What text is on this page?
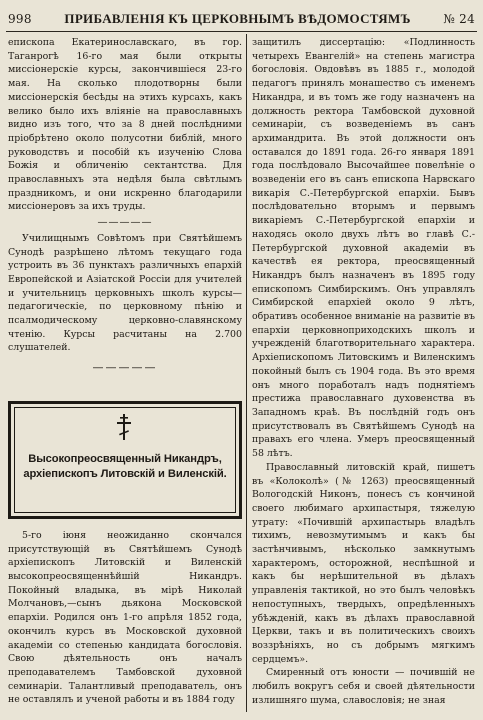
998	ПРИБАВЛЕНІЯ КЪ ЦЕРКОВНЫМЪ ВѢДОМОСТЯМЪ	№ 24

епископа Екатеринославскаго, въ гор. Таганрогѣ 16-го мая были открыты миссіонерскіе курсы, закончившіеся 23-го мая. На сколько плодотворны были миссіонерскія бесѣды на этихъ курсахъ, какъ велико было ихъ вліяніе на православныхъ видно изъ того, что за 8 дней послѣдними пріобрѣтено около полусотни библій, много руководствъ и пособій къ изученію Слова Божія и обличенію сектантства. Для православныхъ эта недѣля была свѣтлымъ праздникомъ, и они искренно благодарили миссіонеровъ за ихъ труды.

—————

Училищнымъ Совѣтомъ при Святѣйшемъ Сунодѣ разрѣшено лѣтомъ текущаго года устроить въ 36 пунктахъ различныхъ епархій Европейской и Азіатской Россіи для учителей и учительницъ церковныхъ школъ курсы—педагогическіе, по церковному пѣнію и псалмодическому церковно-славянскому чтенію. Курсы расчитаны на 2.700 слушателей.

—————
Высокопреосвященный Никандръ,
архіепископъ Литовскій и Виленскій.

5-го іюня неожиданно скончался присутствующій въ Святѣйшемъ Сунодѣ архіепископъ Литовскій и Виленскій высокопреосвященнѣйшій Никандръ. Покойный владыка, въ мірѣ Николай Молчановъ,—сынъ дьякона Московской епархіи. Родился онъ 1-го апрѣля 1852 года, окончилъ курсъ въ Московской духовной академіи со степенью кандидата богословія. Свою дѣятельность онъ началъ преподавателемъ Тамбовской духовной семинаріи. Талантливый преподаватель, онъ не оставлялъ и ученой работы и въ 1884 году

защитилъ диссертацію: «Подлинность четырехъ Евангелій» на степень магистра богословія. Овдовѣвъ въ 1885 г., молодой педагогъ принялъ монашество съ именемъ Никандра, и въ томъ же году назначенъ на должность ректора Тамбовской духовной семинаріи, съ возведеніемъ въ санъ архимандрита. Въ этой должности онъ оставался до 1891 года. 26-го января 1891 года послѣдовало Высочайшее повелѣніе о возведеніи его въ санъ епископа Нарвскаго викарія С.-Петербургской епархіи. Бывъ послѣдовательно вторымъ и первымъ викаріемъ С.-Петербургской епархіи и находясь около двухъ лѣтъ во главѣ С.-Петербургской духовной академіи въ качествѣ ея ректора, преосвященный Никандръ былъ назначенъ въ 1895 году епископомъ Симбирскимъ. Онъ управлялъ Симбирской епархіей около 9 лѣтъ, обративъ особенное вниманіе на развитіе въ епархіи церковноприходскихъ школъ и учрежденій благотворительнаго характера. Архіепископомъ Литовскимъ и Виленскимъ покойный былъ съ 1904 года. Въ это время онъ много поработалъ надъ поднятіемъ престижа православнаго духовенства въ Западномъ краѣ. Въ послѣдній годъ онъ присутствовалъ въ Святѣйшемъ Сунодѣ на правахъ его члена. Умеръ преосвященный 58 лѣтъ.

Православный литовскій край, пишетъ въ «Колоколѣ» (№ 1263) преосвященный Вологодскій Никонъ, понесъ съ кончиной своего любимаго архипастыря, тяжелую утрату: «Почившій архипастырь владѣлъ тихимъ, невозмутимымъ и какъ бы застѣнчивымъ, нѣсколько замкнутымъ характеромъ, осторожной, неспѣшной и какъ бы нерѣшительной въ дѣлахъ управленія тактикой, но это былъ человѣкъ непоступныхъ, твердыхъ, опредѣленныхъ убѣжденій, какъ въ дѣлахъ православной Церкви, такъ и въ политическихъ своихъ воззрѣніяхъ, но съ добрымъ мягкимъ сердцемъ».

Смиренный отъ юности — почившій не любилъ вокругъ себя и своей дѣятельности излишняго шума, славословія; не зная
